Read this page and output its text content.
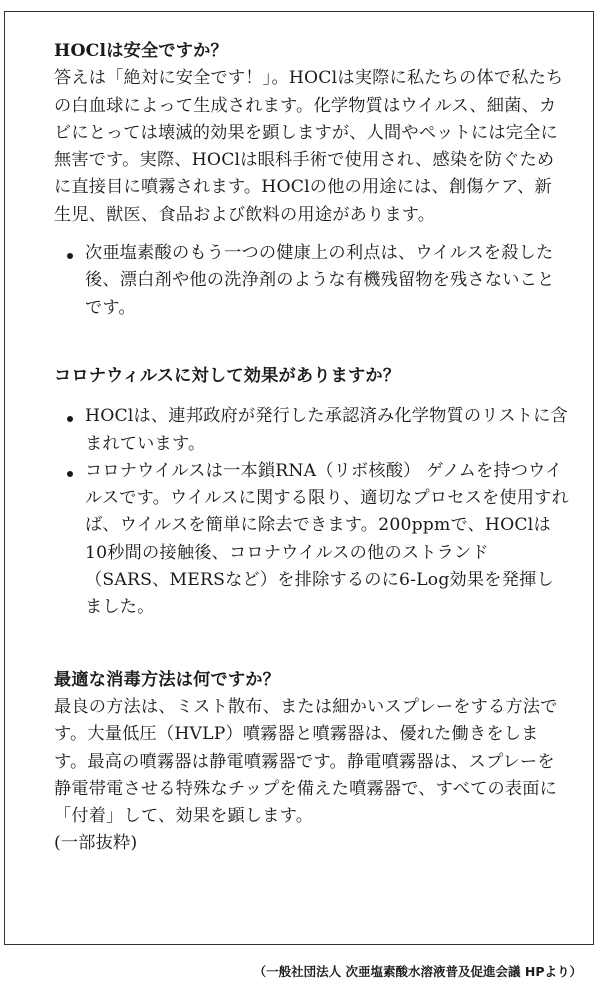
HOClは安全ですか？

答えは「絶対に安全です！」。HOClは実際に私たちの体で私たちの白血球によって生成されます。化学物質はウイルス、細菌、カビにとっては壊滅的効果を顕しますが、人間やペットには完全に無害です。実際、HOClは眼科手術で使用され、感染を防ぐために直接目に噴霧されます。HOClの他の用途には、創傷ケア、新生児、獣医、食品および飲料の用途があります。

次亜塩素酸のもう一つの健康上の利点は、ウイルスを殺した後、漂白剤や他の洗浄剤のような有機残留物を残さないことです。

コロナウィルスに対して効果がありますか？

HOClは、連邦政府が発行した承認済み化学物質のリストに含まれています。
コロナウイルスは一本鎖RNA（リボ核酸） ゲノムを持つウイルスです。ウイルスに関する限り、適切なプロセスを使用すれば、ウイルスを簡単に除去できます。200ppmで、HOClは 10秒間の接触後、コロナウイルスの他のストランド（SARS、MERSなど）を排除するのに6-Log効果を発揮しました。

最適な消毒方法は何ですか？

最良の方法は、ミスト散布、または細かいスプレーをする方法です。大量低圧（HVLP）噴霧器と噴霧器は、優れた働きをします。最高の噴霧器は静電噴霧器です。静電噴霧器は、スプレーを静電帯電させる特殊なチップを備えた噴霧器で、すべての表面に「付着」して、効果を顕します。

(一部抜粋)

（一般社団法人 次亜塩素酸水溶液普及促進会議 HPより）
